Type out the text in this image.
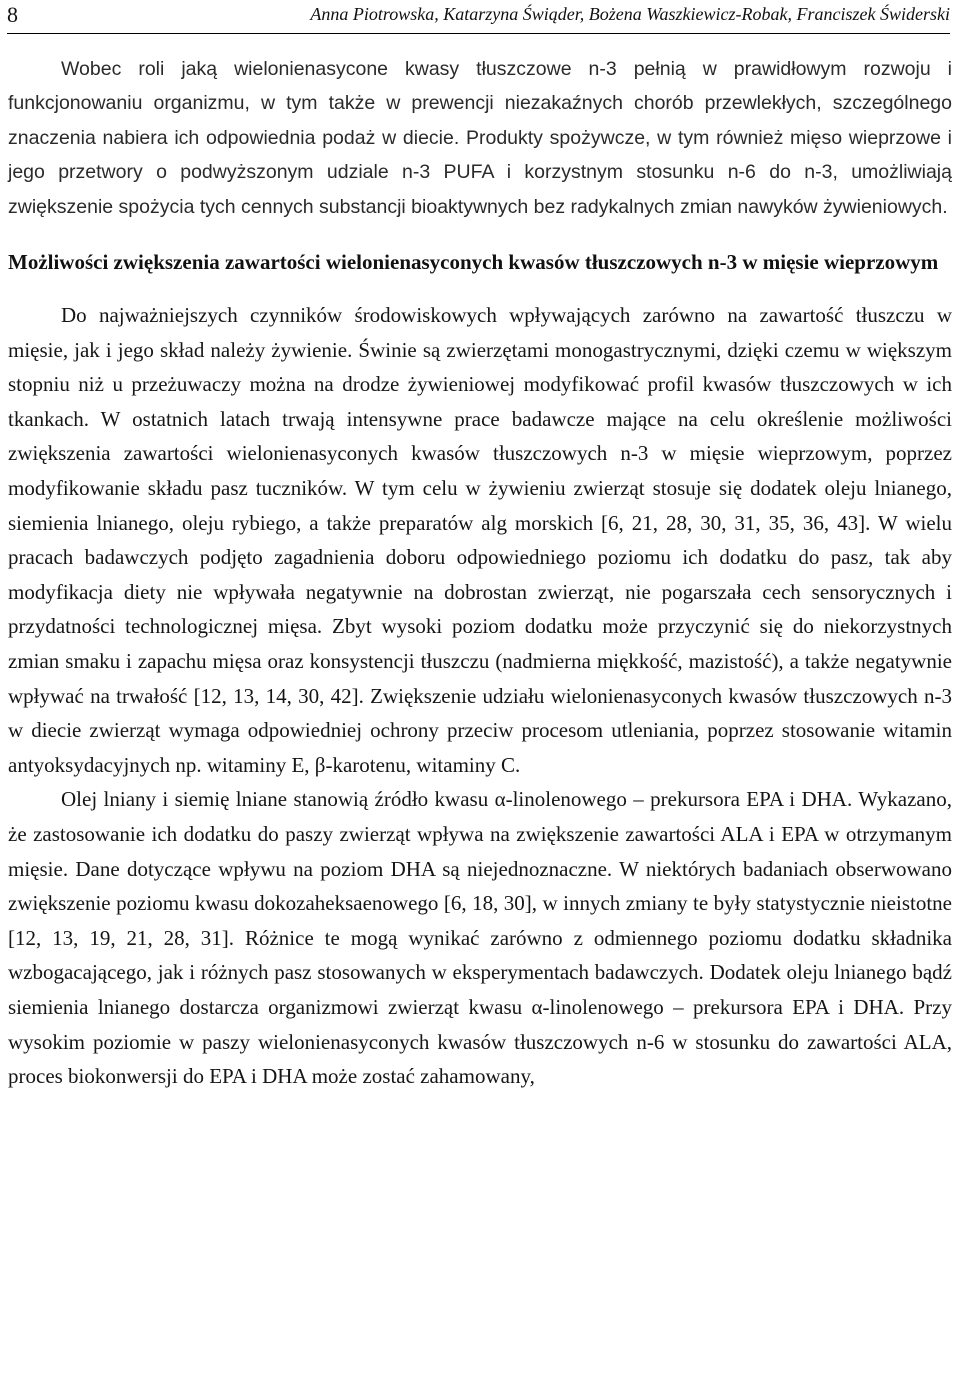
8	Anna Piotrowska, Katarzyna Świąder, Bożena Waszkiewicz-Robak, Franciszek Świderski

Wobec roli jaką wielonienasycone kwasy tłuszczowe n-3 pełnią w prawidłowym rozwoju i funkcjonowaniu organizmu, w tym także w prewencji niezakaźnych chorób przewlekłych, szczególnego znaczenia nabiera ich odpowiednia podaż w diecie. Produkty spożywcze, w tym również mięso wieprzowe i jego przetwory o podwyższonym udziale n-3 PUFA i korzystnym stosunku n-6 do n-3, umożliwiają zwiększenie spożycia tych cennych substancji bioaktywnych bez radykalnych zmian nawyków żywieniowych.

Możliwości zwiększenia zawartości wielonienasyconych kwasów tłuszczowych n-3 w mięsie wieprzowym

Do najważniejszych czynników środowiskowych wpływających zarówno na zawartość tłuszczu w mięsie, jak i jego skład należy żywienie. Świnie są zwierzętami monogastrycznymi, dzięki czemu w większym stopniu niż u przeżuwaczy można na drodze żywieniowej modyfikować profil kwasów tłuszczowych w ich tkankach. W ostatnich latach trwają intensywne prace badawcze mające na celu określenie możliwości zwiększenia zawartości wielonienasyconych kwasów tłuszczowych n-3 w mięsie wieprzowym, poprzez modyfikowanie składu pasz tuczników. W tym celu w żywieniu zwierząt stosuje się dodatek oleju lnianego, siemienia lnianego, oleju rybiego, a także preparatów alg morskich [6, 21, 28, 30, 31, 35, 36, 43]. W wielu pracach badawczych podjęto zagadnienia doboru odpowiedniego poziomu ich dodatku do pasz, tak aby modyfikacja diety nie wpływała negatywnie na dobrostan zwierząt, nie pogarszała cech sensorycznych i przydatności technologicznej mięsa. Zbyt wysoki poziom dodatku może przyczynić się do niekorzystnych zmian smaku i zapachu mięsa oraz konsystencji tłuszczu (nadmierna miękkość, mazistość), a także negatywnie wpływać na trwałość [12, 13, 14, 30, 42]. Zwiększenie udziału wielonienasyconych kwasów tłuszczowych n-3 w diecie zwierząt wymaga odpowiedniej ochrony przeciw procesom utleniania, poprzez stosowanie witamin antyoksydacyjnych np. witaminy E, β-karotenu, witaminy C.

Olej lniany i siemię lniane stanowią źródło kwasu α-linolenowego – prekursora EPA i DHA. Wykazano, że zastosowanie ich dodatku do paszy zwierząt wpływa na zwiększenie zawartości ALA i EPA w otrzymanym mięsie. Dane dotyczące wpływu na poziom DHA są niejednoznaczne. W niektórych badaniach obserwowano zwiększenie poziomu kwasu dokozaheksaenowego [6, 18, 30], w innych zmiany te były statystycznie nieistotne [12, 13, 19, 21, 28, 31]. Różnice te mogą wynikać zarówno z odmiennego poziomu dodatku składnika wzbogacającego, jak i różnych pasz stosowanych w eksperymentach badawczych. Dodatek oleju lnianego bądź siemienia lnianego dostarcza organizmowi zwierząt kwasu α-linolenowego – prekursora EPA i DHA. Przy wysokim poziomie w paszy wielonienasyconych kwasów tłuszczowych n-6 w stosunku do zawartości ALA, proces biokonwersji do EPA i DHA może zostać zahamowany,
